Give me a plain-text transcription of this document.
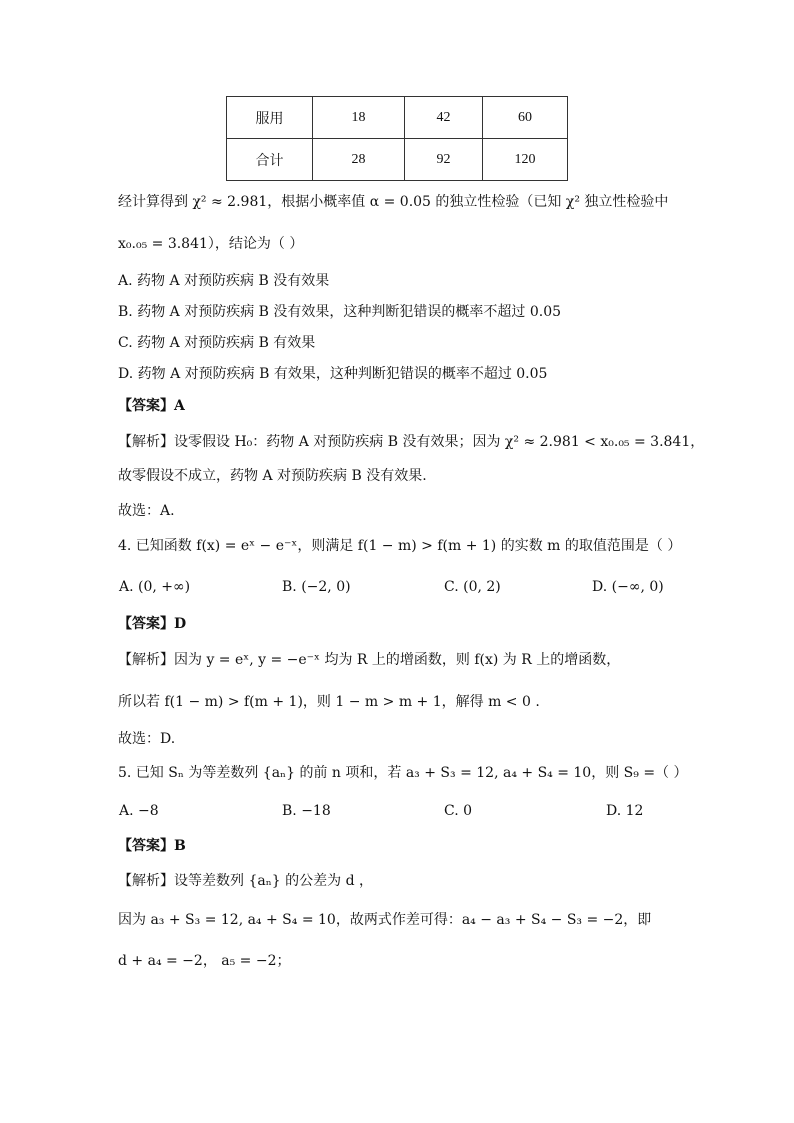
服用	18	42	60
合计	28	92	120
经计算得到 χ² ≈ 2.981，根据小概率值 α = 0.05 的独立性检验（已知 χ² 独立性检验中
x₀.₀₅ = 3.841），结论为（ ）
A. 药物 A 对预防疾病 B 没有效果
B. 药物 A 对预防疾病 B 没有效果，这种判断犯错误的概率不超过 0.05
C. 药物 A 对预防疾病 B 有效果
D. 药物 A 对预防疾病 B 有效果，这种判断犯错误的概率不超过 0.05
【答案】A
【解析】设零假设 H₀：药物 A 对预防疾病 B 没有效果；因为 χ² ≈ 2.981 < x₀.₀₅ = 3.841，
故零假设不成立，药物 A 对预防疾病 B 没有效果.
故选：A.
4. 已知函数 f(x) = eˣ − e⁻ˣ，则满足 f(1 − m) > f(m + 1) 的实数 m 的取值范围是（ ）
A. (0, +∞)	B. (−2, 0)	C. (0, 2)	D. (−∞, 0)
【答案】D
【解析】因为 y = eˣ, y = −e⁻ˣ 均为 R 上的增函数，则 f(x) 为 R 上的增函数，
所以若 f(1 − m) > f(m + 1)，则 1 − m > m + 1，解得 m < 0 .
故选：D.
5. 已知 Sₙ 为等差数列 {aₙ} 的前 n 项和，若 a₃ + S₃ = 12, a₄ + S₄ = 10，则 S₉ =（ ）
A. −8	B. −18	C. 0	D. 12
【答案】B
【解析】设等差数列 {aₙ} 的公差为 d ，
因为 a₃ + S₃ = 12, a₄ + S₄ = 10，故两式作差可得：a₄ − a₃ + S₄ − S₃ = −2，即
d + a₄ = −2， a₅ = −2；
